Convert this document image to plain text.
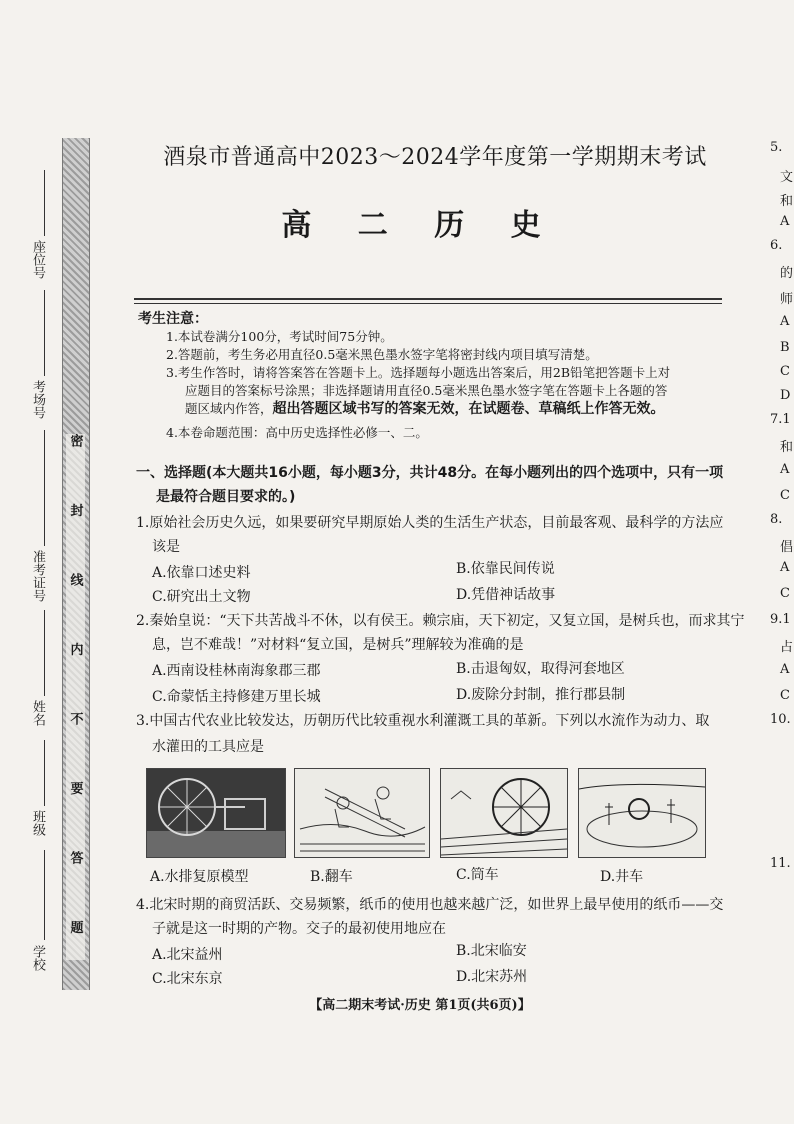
座位号
考场号
准考证号
姓名
班级
学校 密 封 线 内 不 要 答 题
酒泉市普通高中2023～2024学年度第一学期期末考试
高 二 历 史
考生注意：
1.本试卷满分100分，考试时间75分钟。
2.答题前，考生务必用直径0.5毫米黑色墨水签字笔将密封线内项目填写清楚。
3.考生作答时，请将答案答在答题卡上。选择题每小题选出答案后，用2B铅笔把答题卡上对
应题目的答案标号涂黑；非选择题请用直径0.5毫米黑色墨水签字笔在答题卡上各题的答
题区域内作答，超出答题区域书写的答案无效，在试题卷、草稿纸上作答无效。
4.本卷命题范围：高中历史选择性必修一、二。
一、选择题(本大题共16小题，每小题3分，共计48分。在每小题列出的四个选项中，只有一项
是最符合题目要求的。)
1.原始社会历史久远，如果要研究早期原始人类的生活生产状态，目前最客观、最科学的方法应
该是
A.依靠口述史料	B.依靠民间传说
C.研究出土文物	D.凭借神话故事
2.秦始皇说：“天下共苦战斗不休，以有侯王。赖宗庙，天下初定，又复立国，是树兵也，而求其宁
息，岂不难哉！”对材料“复立国，是树兵”理解较为准确的是
A.西南设桂林南海象郡三郡	B.击退匈奴，取得河套地区
C.命蒙恬主持修建万里长城	D.废除分封制，推行郡县制
3.中国古代农业比较发达，历朝历代比较重视水利灌溉工具的革新。下列以水流作为动力、取
水灌田的工具应是
A.水排复原模型	B.翻车	C.筒车	D.井车
4.北宋时期的商贸活跃、交易频繁，纸币的使用也越来越广泛，如世界上最早使用的纸币——交
子就是这一时期的产物。交子的最初使用地应在
A.北宋益州	B.北宋临安
C.北宋东京	D.北宋苏州
5.
文
和
A
6.
的
师
A
B
C
D
7.1
和
A
C
8.
倡
A
C
9.1
占
A
C
10.
11.
【高二期末考试·历史 第1页(共6页)】
